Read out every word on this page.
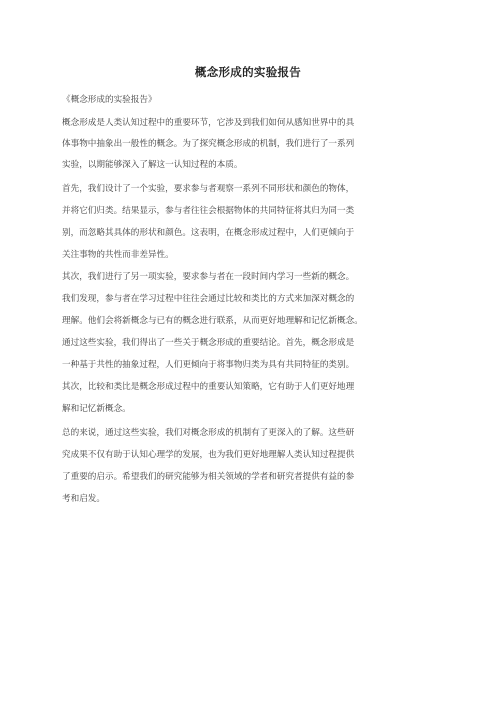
概念形成的实验报告
《概念形成的实验报告》
概念形成是人类认知过程中的重要环节，它涉及到我们如何从感知世界中的具
体事物中抽象出一般性的概念。为了探究概念形成的机制，我们进行了一系列
实验，以期能够深入了解这一认知过程的本质。
首先，我们设计了一个实验，要求参与者观察一系列不同形状和颜色的物体，
并将它们归类。结果显示，参与者往往会根据物体的共同特征将其归为同一类
别，而忽略其具体的形状和颜色。这表明，在概念形成过程中，人们更倾向于
关注事物的共性而非差异性。
其次，我们进行了另一项实验，要求参与者在一段时间内学习一些新的概念。
我们发现，参与者在学习过程中往往会通过比较和类比的方式来加深对概念的
理解。他们会将新概念与已有的概念进行联系，从而更好地理解和记忆新概念。
通过这些实验，我们得出了一些关于概念形成的重要结论。首先，概念形成是
一种基于共性的抽象过程，人们更倾向于将事物归类为具有共同特征的类别。
其次，比较和类比是概念形成过程中的重要认知策略，它有助于人们更好地理
解和记忆新概念。
总的来说，通过这些实验，我们对概念形成的机制有了更深入的了解。这些研
究成果不仅有助于认知心理学的发展，也为我们更好地理解人类认知过程提供
了重要的启示。希望我们的研究能够为相关领域的学者和研究者提供有益的参
考和启发。
